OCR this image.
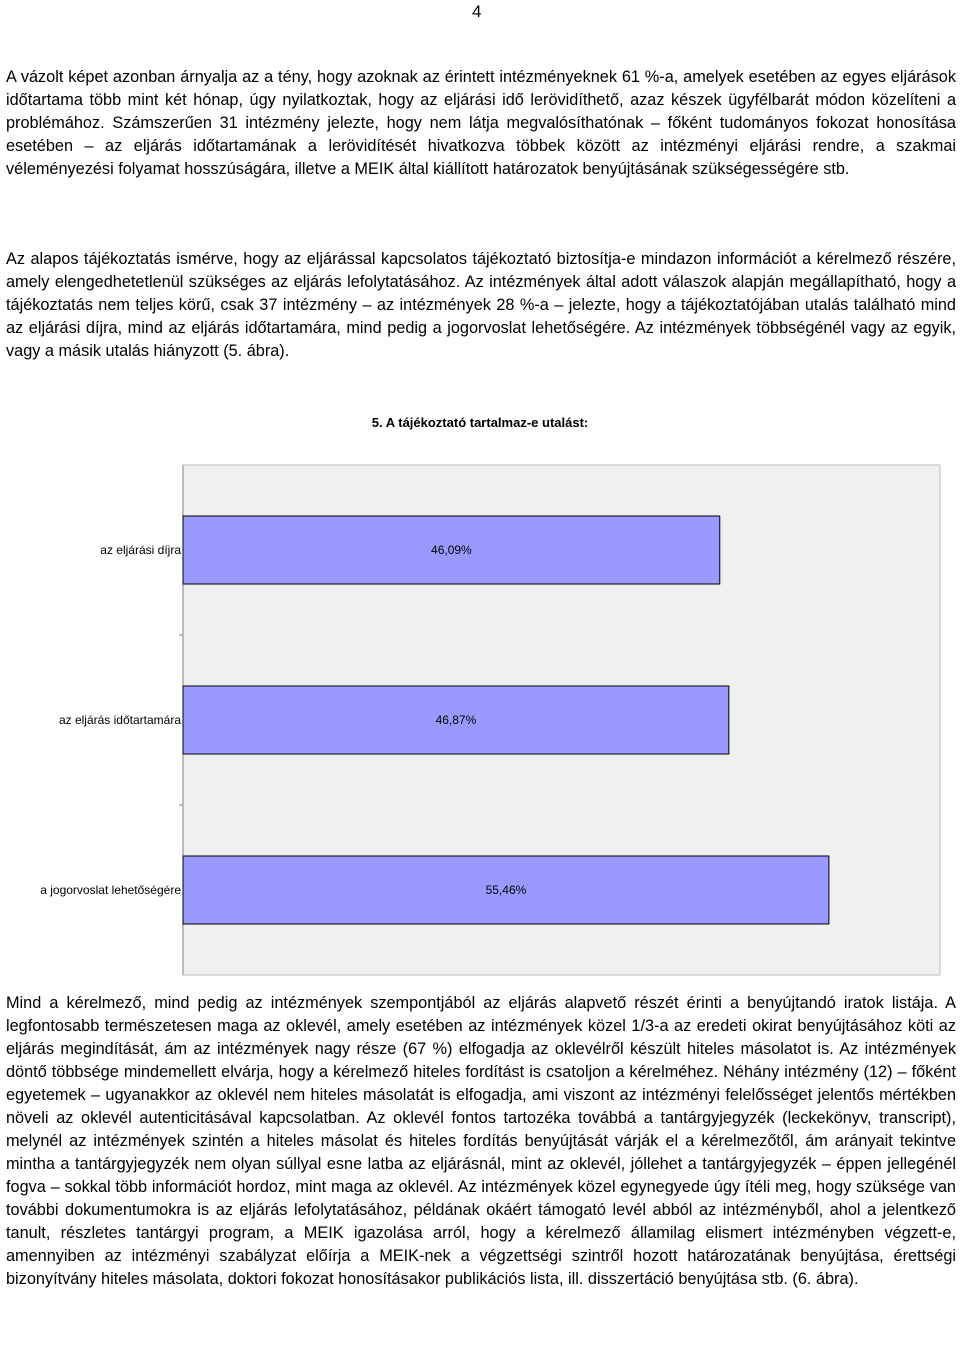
4

A vázolt képet azonban árnyalja az a tény, hogy azoknak az érintett intézményeknek 61 %-a, amelyek esetében az egyes eljárások időtartama több mint két hónap, úgy nyilatkoztak, hogy az eljárási idő lerövidíthető, azaz készek ügyfélbarát módon közelíteni a problémához. Számszerűen 31 intézmény jelezte, hogy nem látja megvalósíthatónak – főként tudományos fokozat honosítása esetében – az eljárás időtartamának a lerövidítését hivatkozva többek között az intézményi eljárási rendre, a szakmai véleményezési folyamat hosszúságára, illetve a MEIK által kiállított határozatok benyújtásának szükségességére stb.

Az alapos tájékoztatás ismérve, hogy az eljárással kapcsolatos tájékoztató biztosítja-e mindazon információt a kérelmező részére, amely elengedhetetlenül szükséges az eljárás lefolytatásához. Az intézmények által adott válaszok alapján megállapítható, hogy a tájékoztatás nem teljes körű, csak 37 intézmény – az intézmények 28 %-a – jelezte, hogy a tájékoztatójában utalás található mind az eljárási díjra, mind az eljárás időtartamára, mind pedig a jogorvoslat lehetőségére. Az intézmények többségénél vagy az egyik, vagy a másik utalás hiányzott (5. ábra).

5. A tájékoztató tartalmaz-e utalást:
az eljárási díjra	46,09%
az eljárás időtartamára	46,87%
a jogorvoslat lehetőségére	55,46%

Mind a kérelmező, mind pedig az intézmények szempontjából az eljárás alapvető részét érinti a benyújtandó iratok listája. A legfontosabb természetesen maga az oklevél, amely esetében az intézmények közel 1/3-a az eredeti okirat benyújtásához köti az eljárás megindítását, ám az intézmények nagy része (67 %) elfogadja az oklevélről készült hiteles másolatot is. Az intézmények döntő többsége mindemellett elvárja, hogy a kérelmező hiteles fordítást is csatoljon a kérelméhez. Néhány intézmény (12) – főként egyetemek – ugyanakkor az oklevél nem hiteles másolatát is elfogadja, ami viszont az intézményi felelősséget jelentős mértékben növeli az oklevél autenticitásával kapcsolatban. Az oklevél fontos tartozéka továbbá a tantárgyjegyzék (leckekönyv, transcript), melynél az intézmények szintén a hiteles másolat és hiteles fordítás benyújtását várják el a kérelmezőtől, ám arányait tekintve mintha a tantárgyjegyzék nem olyan súllyal esne latba az eljárásnál, mint az oklevél, jóllehet a tantárgyjegyzék – éppen jellegénél fogva – sokkal több információt hordoz, mint maga az oklevél. Az intézmények közel egynegyede úgy ítéli meg, hogy szüksége van további dokumentumokra is az eljárás lefolytatásához, példának okáért támogató levél abból az intézményből, ahol a jelentkező tanult, részletes tantárgyi program, a MEIK igazolása arról, hogy a kérelmező államilag elismert intézményben végzett-e, amennyiben az intézményi szabályzat előírja a MEIK-nek a végzettségi szintről hozott határozatának benyújtása, érettségi bizonyítvány hiteles másolata, doktori fokozat honosításakor publikációs lista, ill. disszertáció benyújtása stb. (6. ábra).
